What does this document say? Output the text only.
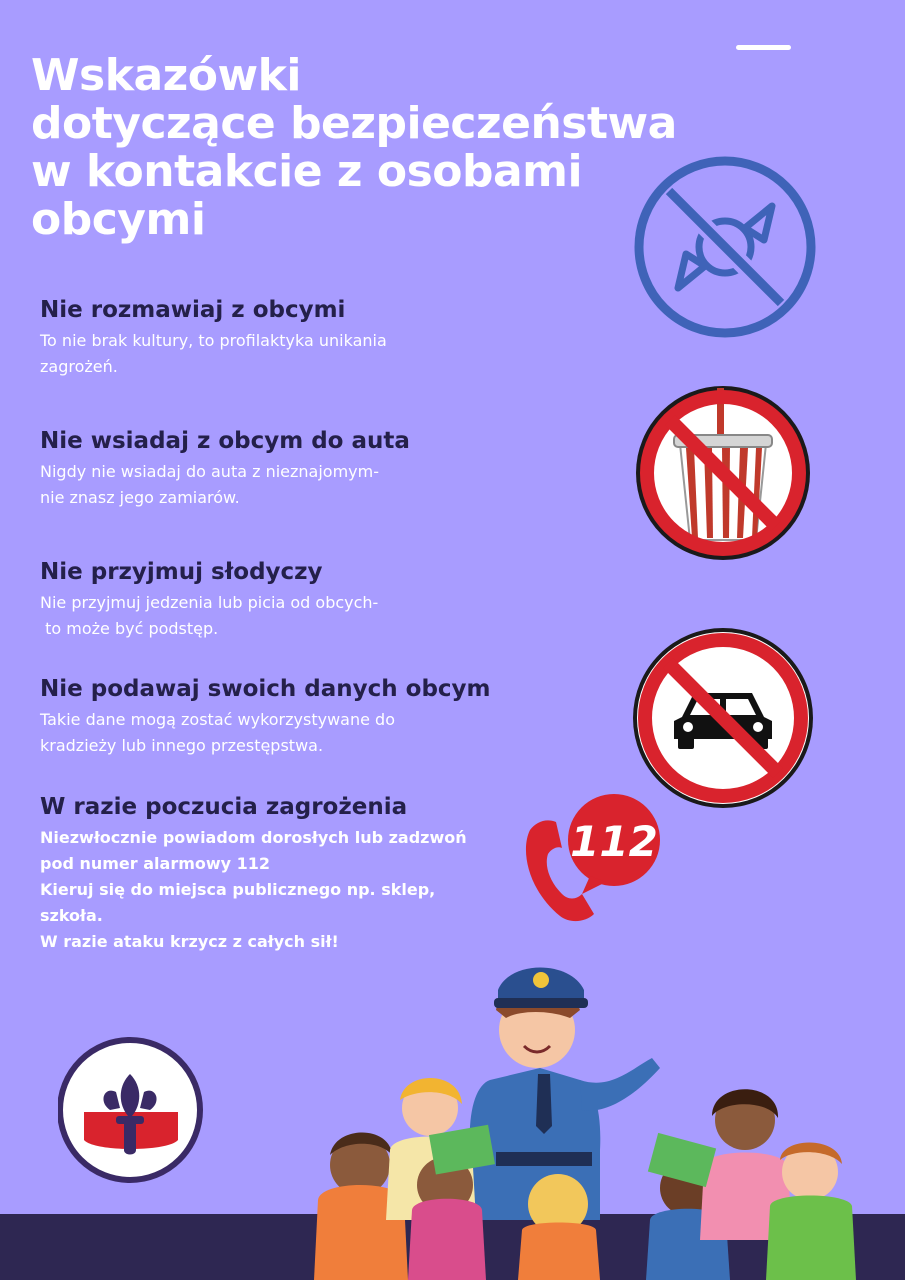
Wskazówki
dotyczące bezpieczeństwa
w kontakcie z osobami
obcymi
Nie rozmawiaj z obcymi

To nie brak kultury, to profilaktyka unikania
zagrożeń.

Nie wsiadaj z obcym do auta

Nigdy nie wsiadaj do auta z nieznajomym-
nie znasz jego zamiarów.

Nie przyjmuj słodyczy

Nie przyjmuj jedzenia lub picia od obcych-
to może być podstęp.

Nie podawaj swoich danych obcym

Takie dane mogą zostać wykorzystywane do
kradzieży lub innego przestępstwa.

W razie poczucia zagrożenia

Niezwłocznie powiadom dorosłych lub zadzwoń
pod numer alarmowy 112
Kieruj się do miejsca publicznego np. sklep,
szkoła.
W razie ataku krzycz z całych sił!

112
